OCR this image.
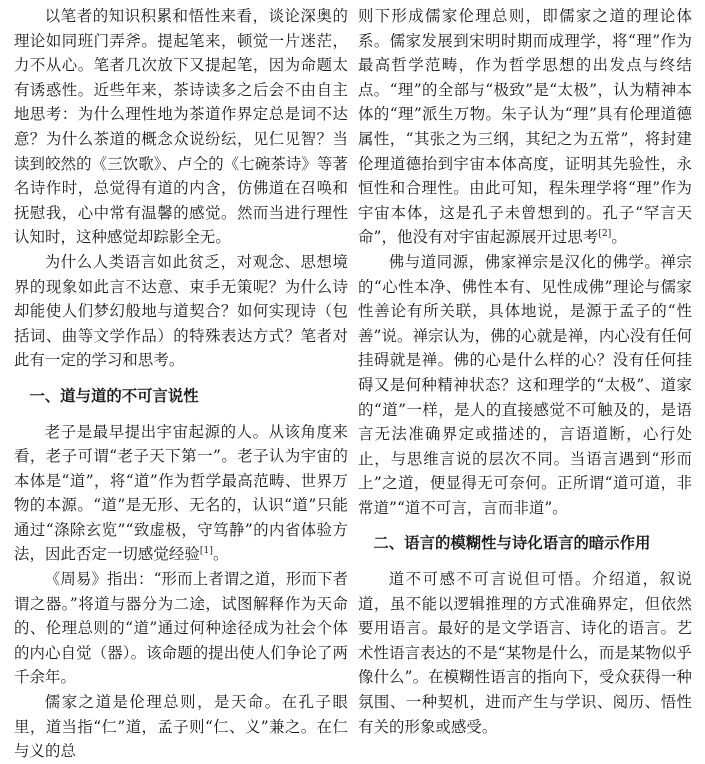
以笔者的知识积累和悟性来看，谈论深奥的理论如同班门弄斧。提起笔来，顿觉一片迷茫，力不从心。笔者几次放下又提起笔，因为命题太有诱惑性。近些年来，茶诗读多之后会不由自主地思考：为什么理性地为茶道作界定总是词不达意？为什么茶道的概念众说纷纭，见仁见智？当读到皎然的《三饮歌》、卢仝的《七碗茶诗》等著名诗作时，总觉得有道的内含，仿佛道在召唤和抚慰我，心中常有温馨的感觉。然而当进行理性认知时，这种感觉却踪影全无。

为什么人类语言如此贫乏，对观念、思想境界的现象如此言不达意、束手无策呢？为什么诗却能使人们梦幻般地与道契合？如何实现诗（包括词、曲等文学作品）的特殊表达方式？笔者对此有一定的学习和思考。

一、道与道的不可言说性

老子是最早提出宇宙起源的人。从该角度来看，老子可谓“老子天下第一”。老子认为宇宙的本体是“道”，将“道”作为哲学最高范畴、世界万物的本源。“道”是无形、无名的，认识“道”只能通过“涤除玄览”“致虚极，守笃静”的内省体验方法，因此否定一切感觉经验[1]。

《周易》指出：“形而上者谓之道，形而下者谓之器。”将道与器分为二途，试图解释作为天命的、伦理总则的“道”通过何种途径成为社会个体的内心自觉（器）。该命题的提出使人们争论了两千余年。

儒家之道是伦理总则，是天命。在孔子眼里，道当指“仁”道，孟子则“仁、义”兼之。在仁与义的总

则下形成儒家伦理总则，即儒家之道的理论体系。儒家发展到宋明时期而成理学，将“理”作为最高哲学范畴，作为哲学思想的出发点与终结点。“理”的全部与“极致”是“太极”，认为精神本体的“理”派生万物。朱子认为“理”具有伦理道德属性，“其张之为三纲，其纪之为五常”，将封建伦理道德抬到宇宙本体高度，证明其先验性，永恒性和合理性。由此可知，程朱理学将“理”作为宇宙本体，这是孔子未曾想到的。孔子“罕言天命”，他没有对宇宙起源展开过思考[2]。

佛与道同源，佛家禅宗是汉化的佛学。禅宗的“心性本净、佛性本有、见性成佛”理论与儒家性善论有所关联，具体地说，是源于孟子的“性善”说。禅宗认为，佛的心就是禅，内心没有任何挂碍就是禅。佛的心是什么样的心？没有任何挂碍又是何种精神状态？这和理学的“太极”、道家的“道”一样，是人的直接感觉不可触及的，是语言无法准确界定或描述的，言语道断，心行处止，与思维言说的层次不同。当语言遇到“形而上”之道，便显得无可奈何。正所谓“道可道，非常道”“道不可言，言而非道”。

二、语言的模糊性与诗化语言的暗示作用

道不可感不可言说但可悟。介绍道，叙说道，虽不能以逻辑推理的方式准确界定，但依然要用语言。最好的是文学语言、诗化的语言。艺术性语言表达的不是“某物是什么，而是某物似乎像什么”。在模糊性语言的指向下，受众获得一种氛围、一种契机，进而产生与学识、阅历、悟性有关的形象或感受。
